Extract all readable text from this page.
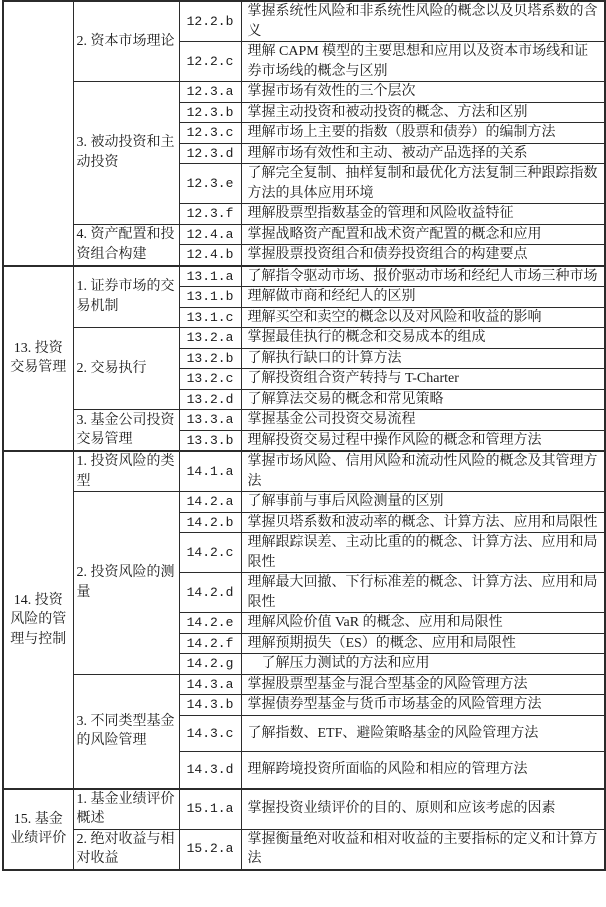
	2. 资本市场理论	12.2.b	掌握系统性风险和非系统性风险的概念以及贝塔系数的含义
		12.2.c	理解 CAPM 模型的主要思想和应用以及资本市场线和证券市场线的概念与区别
	3. 被动投资和主动投资	12.3.a	掌握市场有效性的三个层次
		12.3.b	掌握主动投资和被动投资的概念、方法和区别
		12.3.c	理解市场上主要的指数（股票和债券）的编制方法
		12.3.d	理解市场有效性和主动、被动产品选择的关系
		12.3.e	了解完全复制、抽样复制和最优化方法复制三种跟踪指数方法的具体应用环境
		12.3.f	理解股票型指数基金的管理和风险收益特征
	4. 资产配置和投资组合构建	12.4.a	掌握战略资产配置和战术资产配置的概念和应用
		12.4.b	掌握股票投资组合和债券投资组合的构建要点
13. 投资交易管理	1. 证券市场的交易机制	13.1.a	了解指令驱动市场、报价驱动市场和经纪人市场三种市场
		13.1.b	理解做市商和经纪人的区别
		13.1.c	理解买空和卖空的概念以及对风险和收益的影响
	2. 交易执行	13.2.a	掌握最佳执行的概念和交易成本的组成
		13.2.b	了解执行缺口的计算方法
		13.2.c	了解投资组合资产转持与 T-Charter
		13.2.d	了解算法交易的概念和常见策略
	3. 基金公司投资交易管理	13.3.a	掌握基金公司投资交易流程
		13.3.b	理解投资交易过程中操作风险的概念和管理方法
14. 投资风险的管理与控制	1. 投资风险的类型	14.1.a	掌握市场风险、信用风险和流动性风险的概念及其管理方法
	2. 投资风险的测量	14.2.a	了解事前与事后风险测量的区别
		14.2.b	掌握贝塔系数和波动率的概念、计算方法、应用和局限性
		14.2.c	理解跟踪误差、主动比重的的概念、计算方法、应用和局限性
		14.2.d	理解最大回撤、下行标准差的概念、计算方法、应用和局限性
		14.2.e	理解风险价值 VaR 的概念、应用和局限性
		14.2.f	理解预期损失（ES）的概念、应用和局限性
		14.2.g	　了解压力测试的方法和应用
	3. 不同类型基金的风险管理	14.3.a	掌握股票型基金与混合型基金的风险管理方法
		14.3.b	掌握债券型基金与货币市场基金的风险管理方法
		14.3.c	了解指数、ETF、避险策略基金的风险管理方法
		14.3.d	理解跨境投资所面临的风险和相应的管理方法
15. 基金业绩评价	1. 基金业绩评价概述	15.1.a	掌握投资业绩评价的目的、原则和应该考虑的因素
	2. 绝对收益与相对收益	15.2.a	掌握衡量绝对收益和相对收益的主要指标的定义和计算方法
